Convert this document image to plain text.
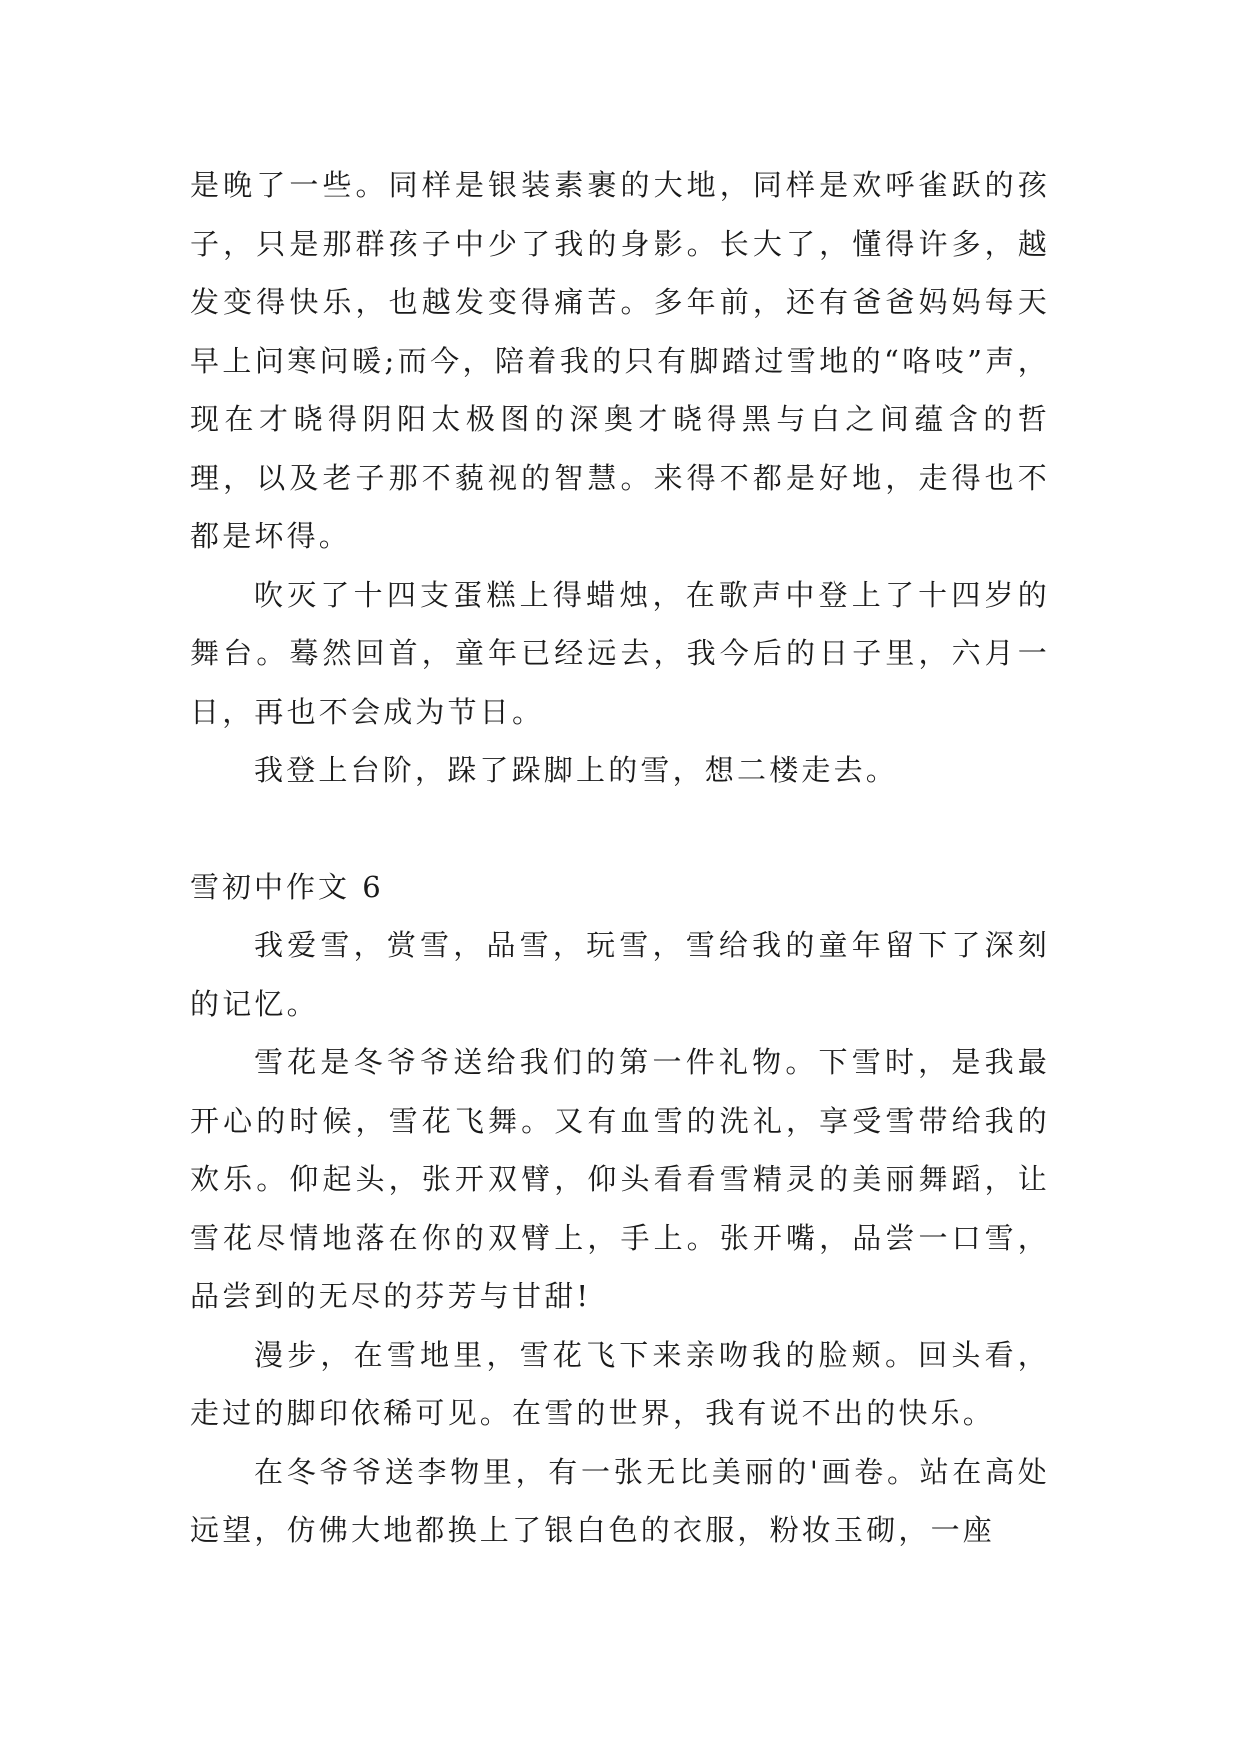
是晚了一些。同样是银装素裹的大地，同样是欢呼雀跃的孩子，只是那群孩子中少了我的身影。长大了，懂得许多，越发变得快乐，也越发变得痛苦。多年前，还有爸爸妈妈每天早上问寒问暖;而今，陪着我的只有脚踏过雪地的“咯吱”声，现在才晓得阴阳太极图的深奥才晓得黑与白之间蕴含的哲理，以及老子那不藐视的智慧。来得不都是好地，走得也不都是坏得。

吹灭了十四支蛋糕上得蜡烛，在歌声中登上了十四岁的舞台。蓦然回首，童年已经远去，我今后的日子里，六月一日，再也不会成为节日。

我登上台阶，跺了跺脚上的雪，想二楼走去。

雪初中作文 6

我爱雪，赏雪，品雪，玩雪，雪给我的童年留下了深刻的记忆。

雪花是冬爷爷送给我们的第一件礼物。下雪时，是我最开心的时候，雪花飞舞。又有血雪的洗礼，享受雪带给我的欢乐。仰起头，张开双臂，仰头看看雪精灵的美丽舞蹈，让雪花尽情地落在你的双臂上，手上。张开嘴，品尝一口雪，品尝到的无尽的芬芳与甘甜!

漫步，在雪地里，雪花飞下来亲吻我的脸颊。回头看，走过的脚印依稀可见。在雪的世界，我有说不出的快乐。

在冬爷爷送李物里，有一张无比美丽的'画卷。站在高处远望，仿佛大地都换上了银白色的衣服，粉妆玉砌，一座
